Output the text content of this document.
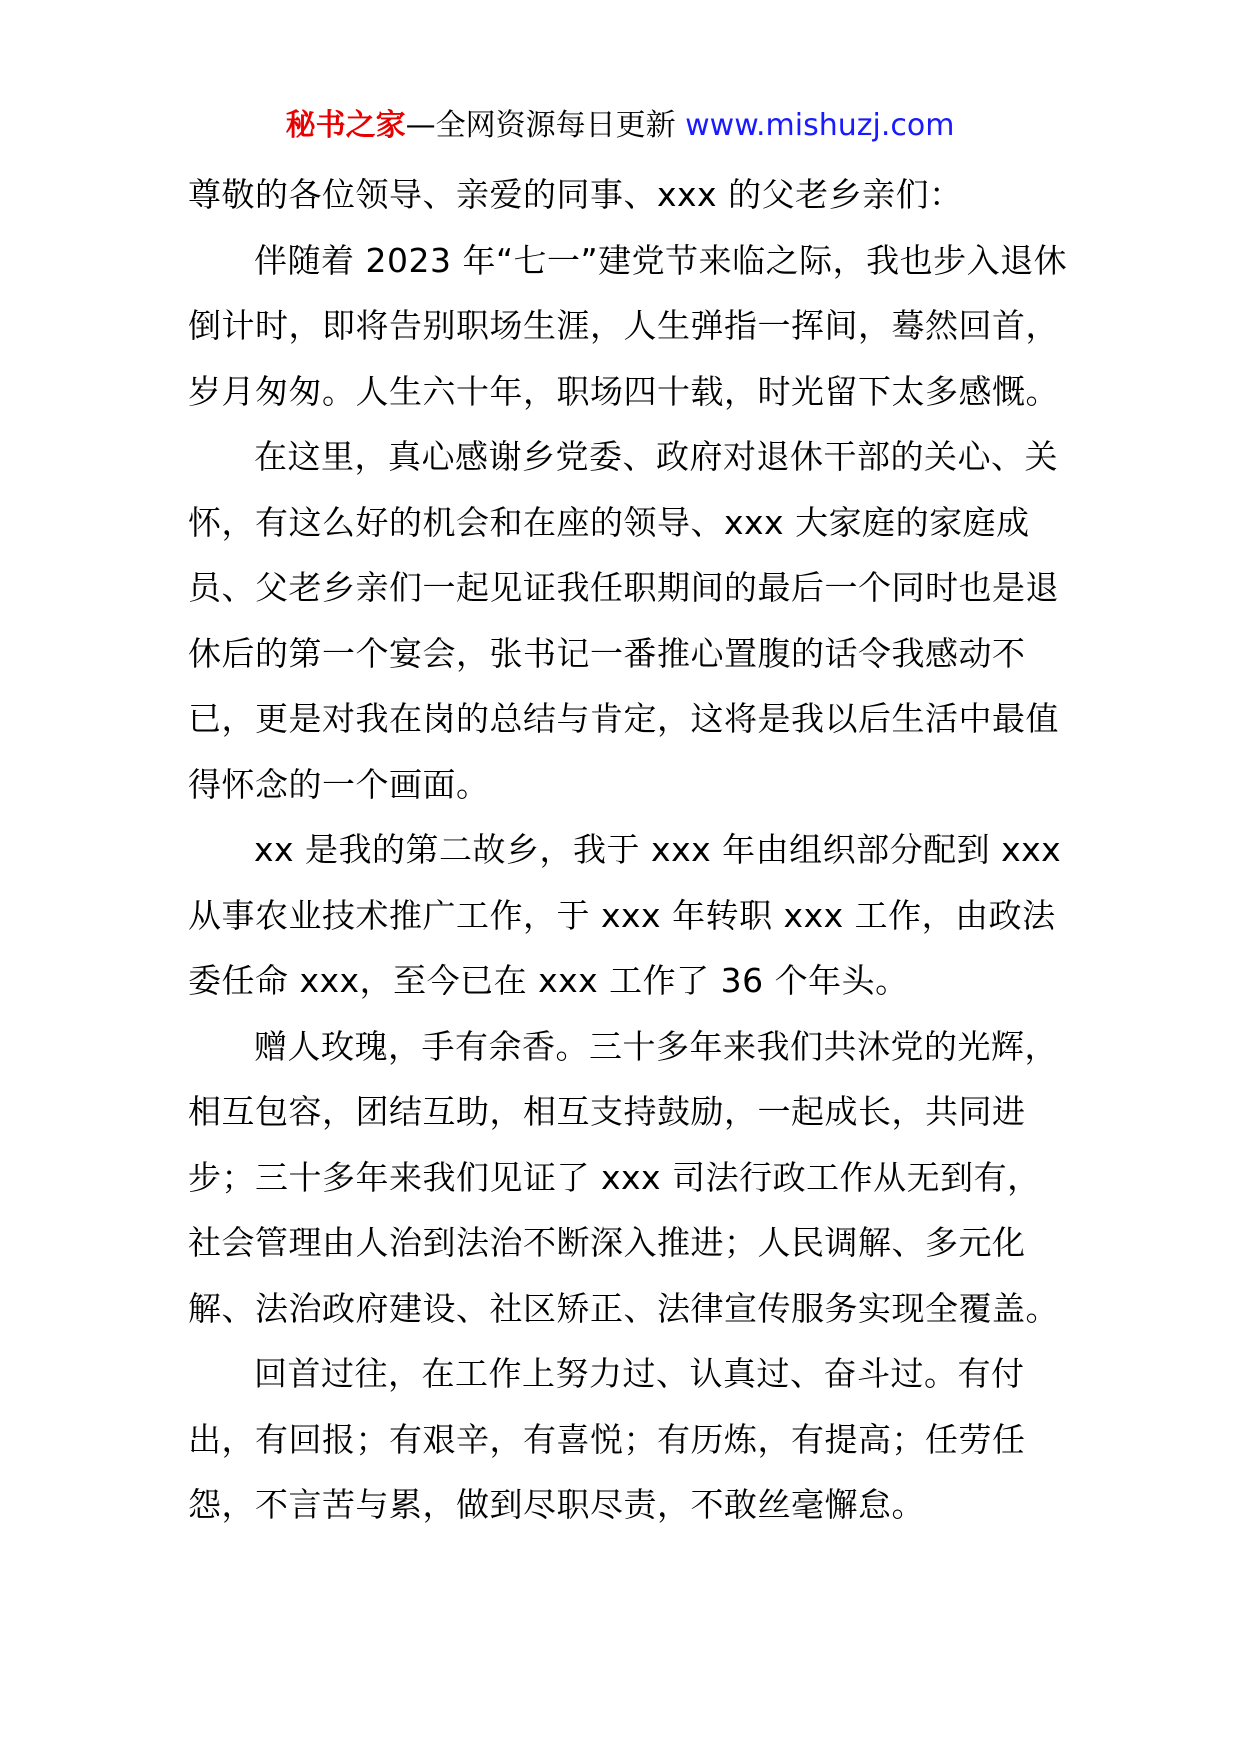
秘书之家—全网资源每日更新 www.mishuzj.com

尊敬的各位领导、亲爱的同事、xxx 的父老乡亲们：

伴随着 2023 年“七一”建党节来临之际，我也步入退休倒计时，即将告别职场生涯，人生弹指一挥间，蓦然回首，岁月匆匆。人生六十年，职场四十载，时光留下太多感慨。

在这里，真心感谢乡党委、政府对退休干部的关心、关怀，有这么好的机会和在座的领导、xxx 大家庭的家庭成员、父老乡亲们一起见证我任职期间的最后一个同时也是退休后的第一个宴会，张书记一番推心置腹的话令我感动不已，更是对我在岗的总结与肯定，这将是我以后生活中最值得怀念的一个画面。

xx 是我的第二故乡，我于 xxx 年由组织部分配到 xxx 从事农业技术推广工作，于 xxx 年转职 xxx 工作，由政法委任命 xxx，至今已在 xxx 工作了 36 个年头。

赠人玫瑰，手有余香。三十多年来我们共沐党的光辉，相互包容，团结互助，相互支持鼓励，一起成长，共同进步；三十多年来我们见证了 xxx 司法行政工作从无到有，社会管理由人治到法治不断深入推进；人民调解、多元化解、法治政府建设、社区矫正、法律宣传服务实现全覆盖。

回首过往，在工作上努力过、认真过、奋斗过。有付出，有回报；有艰辛，有喜悦；有历炼，有提高；任劳任怨，不言苦与累，做到尽职尽责，不敢丝毫懈怠。
